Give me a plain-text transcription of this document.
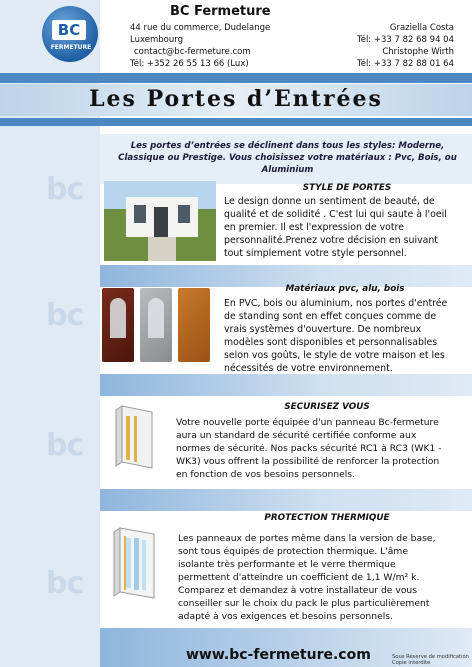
bc
bc
bc
bc
BC
FERMETURE
BC Fermeture
44 rue du commerce, Dudelange
Luxembourg
contact@bc-fermeture.com
Tél: +352 26 55 13 66 (Lux)
Graziella Costa
Tél: +33 7 82 68 94 04
Christophe Wirth
Tél: +33 7 82 88 01 64
Les Portes d’Entrées
Les portes d’entrées se déclinent dans tous les styles: Moderne, Classique ou Prestige. Vous choisissez votre matériaux : Pvc, Bois, ou Aluminium
STYLE DE PORTES
Le design donne un sentiment de beauté, de
qualité et de solidité . C'est lui qui saute à l'oeil
en premier. Il est l'expression de votre
personnalité.Prenez votre décision en suivant
tout simplement votre style personnel.
Matériaux pvc, alu, bois
En PVC, bois ou aluminium, nos portes d'entrée
de standing sont en effet conçues comme de
vrais systèmes d'ouverture. De nombreux
modèles sont disponibles et personnalisables
selon vos goûts, le style de votre maison et les
nécessités de votre environnement.
SECURISEZ VOUS
Votre nouvelle porte équipée d'un panneau Bc-fermeture
aura un standard de sécurité certifiée conforme aux
normes de sécurité. Nos packs sécurité RC1 à RC3 (WK1 -
WK3) vous offrent la possibilité de renforcer la protection
en fonction de vos besoins personnels.
PROTECTION THERMIQUE
Les panneaux de portes même dans la version de base,
sont tous équipés de protection thermique. L'âme
isolante très performante et le verre thermique
permettent d'atteindre un coefficient de 1,1 W/m² k.
Comparez et demandez à votre installateur de vous
conseiller sur le choix du pack le plus particulièrement
adapté à vos exigences et besoins personnels.
www.bc-fermeture.com	Sous Réserve de modification
Copie interdite
